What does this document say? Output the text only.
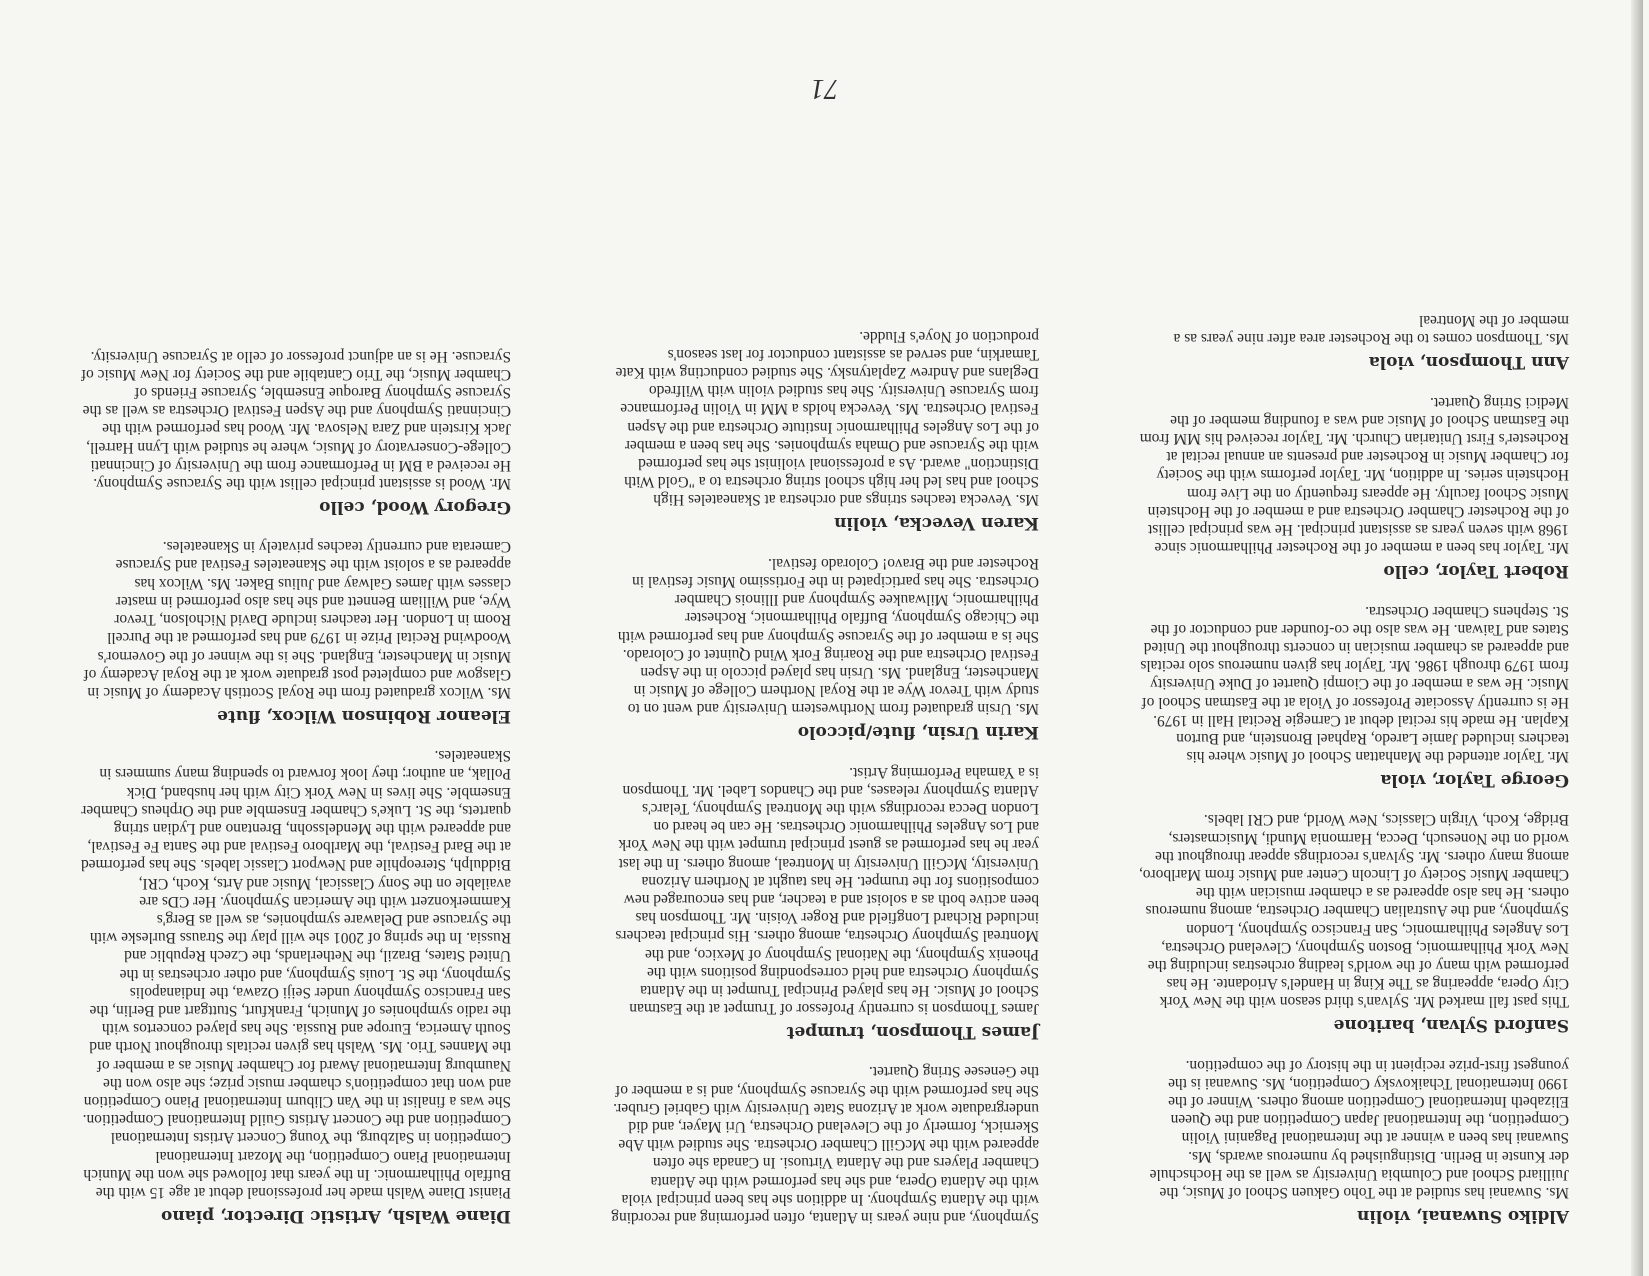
Aldiko Suwanai, violin

Ms. Suwanai has studied at the Toho Gakuen School of Music, the Juilliard School and Columbia University as well as the Hochschule der Kunste in Berlin. Distinguished by numerous awards, Ms. Suwanai has been a winner at the International Paganini Violin Competition, the International Japan Competition and the Queen Elizabeth International Competition among others. Winner of the 1990 International Tchaikovsky Competition, Ms. Suwanai is the youngest first-prize recipient in the history of the competition.

Sanford Sylvan, baritone

This past fall marked Mr. Sylvan's third season with the New York City Opera, appearing as The King in Handel's Ariodante. He has performed with many of the world's leading orchestras including the New York Philharmonic, Boston Symphony, Cleveland Orchestra, Los Angeles Philharmonic, San Francisco Symphony, London Symphony, and the Australian Chamber Orchestra, among numerous others. He has also appeared as a chamber musician with the Chamber Music Society of Lincoln Center and Music from Marlboro, among many others. Mr. Sylvan's recordings appear throughout the world on the Nonesuch, Decca, Harmonia Mundi, Musicmasters, Bridge, Koch, Virgin Classics, New World, and CRI labels.

George Taylor, viola

Mr. Taylor attended the Manhattan School of Music where his teachers included Jamie Laredo, Raphael Bronstein, and Burton Kaplan. He made his recital debut at Carnegie Recital Hall in 1979. He is currently Associate Professor of Viola at the Eastman School of Music. He was a member of the Ciompi Quartet of Duke University from 1979 through 1986. Mr. Taylor has given numerous solo recitals and appeared as chamber musician in concerts throughout the United States and Taiwan. He was also the co-founder and conductor of the St. Stephens Chamber Orchestra.

Robert Taylor, cello

Mr. Taylor has been a member of the Rochester Philharmonic since 1968 with seven years as assistant principal. He was principal cellist of the Rochester Chamber Orchestra and a member of the Hochstein Music School faculty. He appears frequently on the Live from Hochstein series. In addition, Mr. Taylor performs with the Society for Chamber Music in Rochester and presents an annual recital at Rochester's First Unitarian Church. Mr. Taylor received his MM from the Eastman School of Music and was a founding member of the Medici String Quartet.

Ann Thompson, viola

Ms. Thompson comes to the Rochester area after nine years as a member of the Montreal

Symphony, and nine years in Atlanta, often performing and recording with the Atlanta Symphony. In addition she has been principal viola with the Atlanta Opera, and she has performed with the Atlanta Chamber Players and the Atlanta Virtuosi. In Canada she often appeared with the McGill Chamber Orchestra. She studied with Abe Skernick, formerly of the Cleveland Orchestra, Uri Mayer, and did undergraduate work at Arizona State University with Gabriel Gruber. She has performed with the Syracuse Symphony, and is a member of the Genesee String Quartet.

James Thompson, trumpet

James Thompson is currently Professor of Trumpet at the Eastman School of Music. He has played Principal Trumpet in the Atlanta Symphony Orchestra and held corresponding positions with the Phoenix Symphony, the National Symphony of Mexico, and the Montreal Symphony Orchestra, among others. His principal teachers included Richard Longfield and Roger Voisin. Mr. Thompson has been active both as a soloist and a teacher, and has encouraged new compositions for the trumpet. He has taught at Northern Arizona University, McGill University in Montreal, among others. In the last year he has performed as guest principal trumpet with the New York and Los Angeles Philharmonic Orchestras. He can be heard on London Decca recordings with the Montreal Symphony, Telarc's Atlanta Symphony releases, and the Chandos Label. Mr. Thompson is a Yamaha Performing Artist.

Karin Ursin, flute/piccolo

Ms. Ursin graduated from Northwestern University and went on to study with Trevor Wye at the Royal Northern College of Music in Manchester, England. Ms. Ursin has played piccolo in the Aspen Festival Orchestra and the Roaring Fork Wind Quintet of Colorado. She is a member of the Syracuse Symphony and has performed with the Chicago Symphony, Buffalo Philharmonic, Rochester Philharmonic, Milwaukee Symphony and Illinois Chamber Orchestra. She has participated in the Fortissimo Music festival in Rochester and the Bravo! Colorado festival.

Karen Vevecka, violin

Ms. Vevecka teaches strings and orchestra at Skaneateles High School and has led her high school string orchestra to a "Gold With Distinction" award. As a professional violinist she has performed with the Syracuse and Omaha symphonies. She has been a member of the Los Angeles Philharmonic Institute Orchestra and the Aspen Festival Orchestra. Ms. Vevecka holds a MM in Violin Performance from Syracuse University. She has studied violin with Wilfredo Deglans and Andrew Zaplatynsky. She studied conducting with Kate Tamarkin, and served as assistant conductor for last season's production of Noye's Fludde.

Diane Walsh, Artistic Director, piano

Pianist Diane Walsh made her professional debut at age 15 with the Buffalo Philharmonic. In the years that followed she won the Munich International Piano Competition, the Mozart International Competition in Salzburg, the Young Concert Artists International Competition and the Concert Artists Guild International Competition. She was a finalist in the Van Cliburn International Piano Competition and won that competition's chamber music prize; she also won the Naumburg International Award for Chamber Music as a member of the Mannes Trio. Ms. Walsh has given recitals throughout North and South America, Europe and Russia. She has played concertos with the radio symphonies of Munich, Frankfurt, Stuttgart and Berlin, the San Francisco Symphony under Seiji Ozawa, the Indianapolis Symphony, the St. Louis Symphony, and other orchestras in the United States, Brazil, the Netherlands, the Czech Republic and Russia. In the spring of 2001 she will play the Strauss Burleske with the Syracuse and Delaware symphonies, as well as Berg's Kammerkonzert with the American Symphony. Her CDs are available on the Sony Classical, Music and Arts, Koch, CRI, Biddulph, Stereophile and Newport Classic labels. She has performed at the Bard Festival, the Marlboro Festival and the Santa Fe Festival, and appeared with the Mendelssohn, Brentano and Lydian string quartets, the St. Luke's Chamber Ensemble and the Orpheus Chamber Ensemble. She lives in New York City with her husband, Dick Pollak, an author; they look forward to spending many summers in Skaneateles.

Eleanor Robinson Wilcox, flute

Ms. Wilcox graduated from the Royal Scottish Academy of Music in Glasgow and completed post graduate work at the Royal Academy of Music in Manchester, England. She is the winner of the Governor's Woodwind Recital Prize in 1979 and has performed at the Purcell Room in London. Her teachers include David Nicholson, Trevor Wye, and William Bennett and she has also performed in master classes with James Galway and Julius Baker. Ms. Wilcox has appeared as a soloist with the Skaneateles Festival and Syracuse Camerata and currently teaches privately in Skaneateles.

Gregory Wood, cello

Mr. Wood is assistant principal cellist with the Syracuse Symphony. He received a BM in Performance from the University of Cincinnati College-Conservatory of Music, where he studied with Lynn Harrell, Jack Kirstein and Zara Nelsova. Mr. Wood has performed with the Cincinnati Symphony and the Aspen Festival Orchestra as well as the Syracuse Symphony Baroque Ensemble, Syracuse Friends of Chamber Music, the Trio Cantabile and the Society for New Music of Syracuse. He is an adjunct professor of cello at Syracuse University.

71
